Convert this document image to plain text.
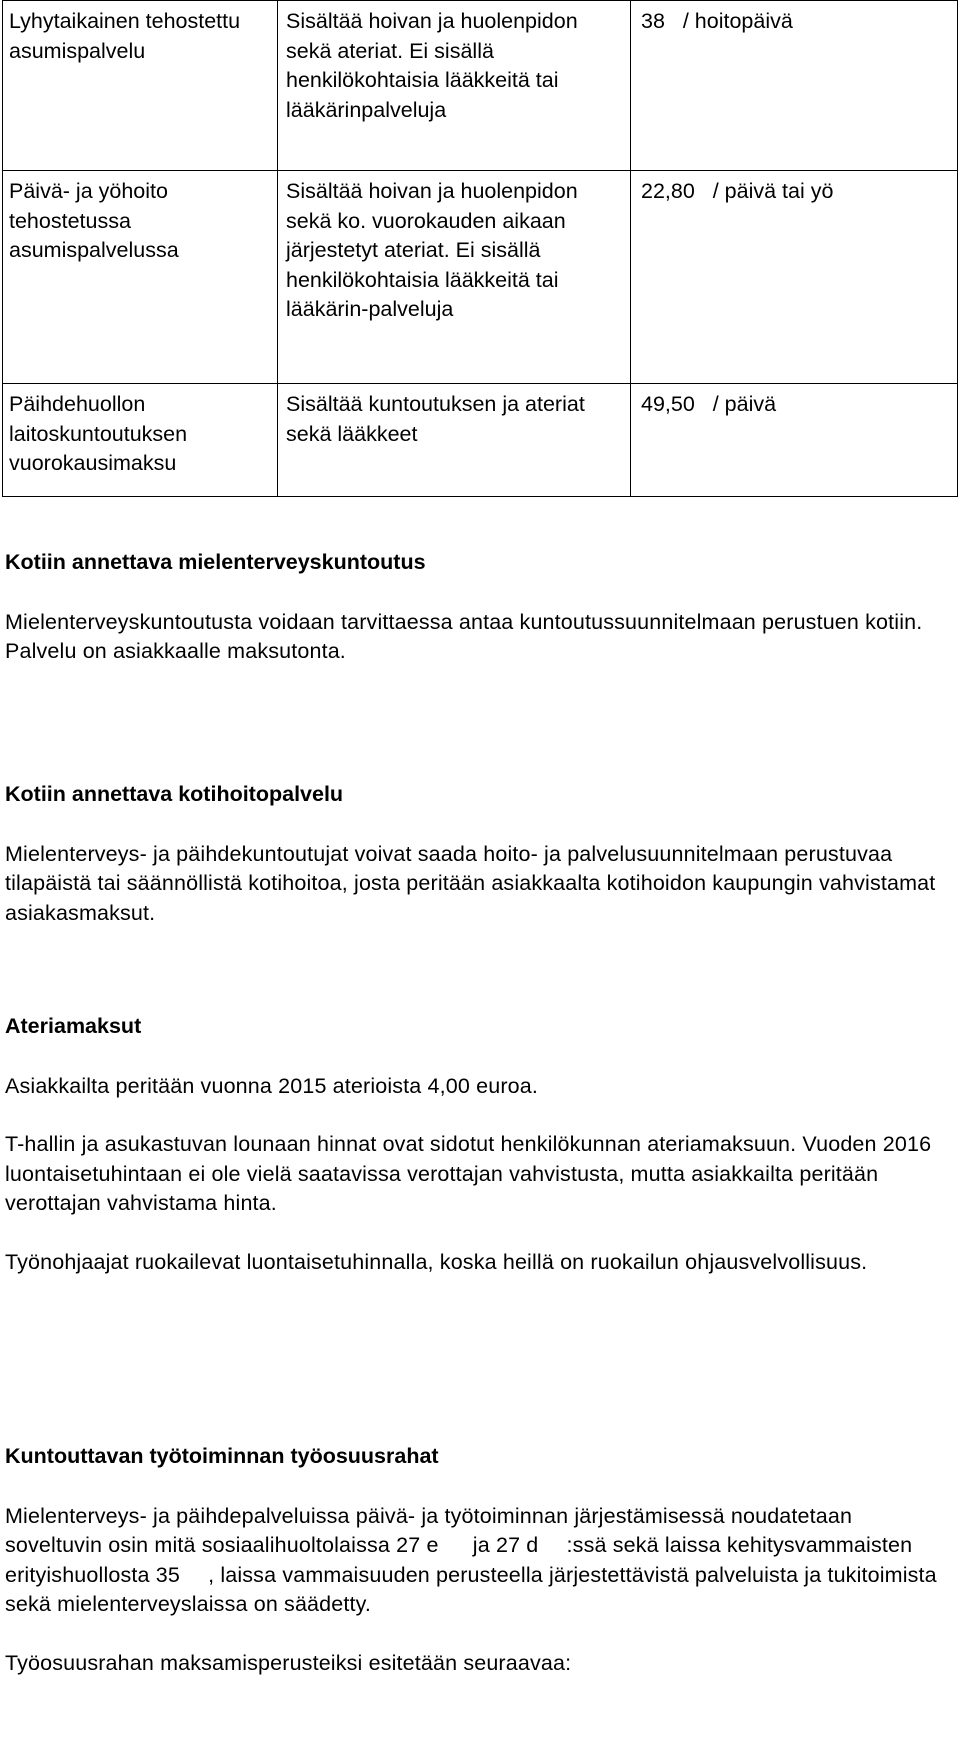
Lyhytaikainen tehostettu asumispalvelu	Sisältää hoivan ja huolenpidon sekä ateriat. Ei sisällä henkilökohtaisia lääkkeitä tai lääkärinpalveluja	38   / hoitopäivä
Päivä- ja yöhoito tehostetussa asumispalvelussa	Sisältää hoivan ja huolenpidon sekä ko. vuorokauden aikaan järjestetyt ateriat. Ei sisällä henkilökohtaisia lääkkeitä tai lääkärin-palveluja	22,80   / päivä tai yö
Päihdehuollon laitoskuntoutuksen vuorokausimaksu	Sisältää kuntoutuksen ja ateriat sekä lääkkeet	49,50   / päivä

Kotiin annettava mielenterveyskuntoutus

Mielenterveyskuntoutusta voidaan tarvittaessa antaa kuntoutussuunnitelmaan perustuen kotiin. Palvelu on asiakkaalle maksutonta.

Kotiin annettava kotihoitopalvelu

Mielenterveys- ja päihdekuntoutujat voivat saada hoito- ja palvelusuunnitelmaan perustuvaa tilapäistä tai säännöllistä kotihoitoa, josta peritään asiakkaalta kotihoidon kaupungin vahvistamat asiakasmaksut.

Ateriamaksut

Asiakkailta peritään vuonna 2015 aterioista 4,00 euroa.

T-hallin ja asukastuvan lounaan hinnat ovat sidotut henkilökunnan ateriamaksuun. Vuoden 2016 luontaisetuhintaan ei ole vielä saatavissa verottajan vahvistusta, mutta asiakkailta peritään verottajan vahvistama hinta.

Työnohjaajat ruokailevat luontaisetuhinnalla, koska heillä on ruokailun ohjausvelvollisuus.

Kuntouttavan työtoiminnan työosuusrahat

Mielenterveys- ja päihdepalveluissa päivä- ja työtoiminnan järjestämisessä noudatetaan soveltuvin osin mitä sosiaalihuoltolaissa 27 e  ja 27 d :ssä sekä laissa kehitysvammaisten erityishuollosta 35 , laissa vammaisuuden perusteella järjestettävistä palveluista ja tukitoimista sekä mielenterveyslaissa on säädetty.

Työosuusrahan maksamisperusteiksi esitetään seuraavaa:
